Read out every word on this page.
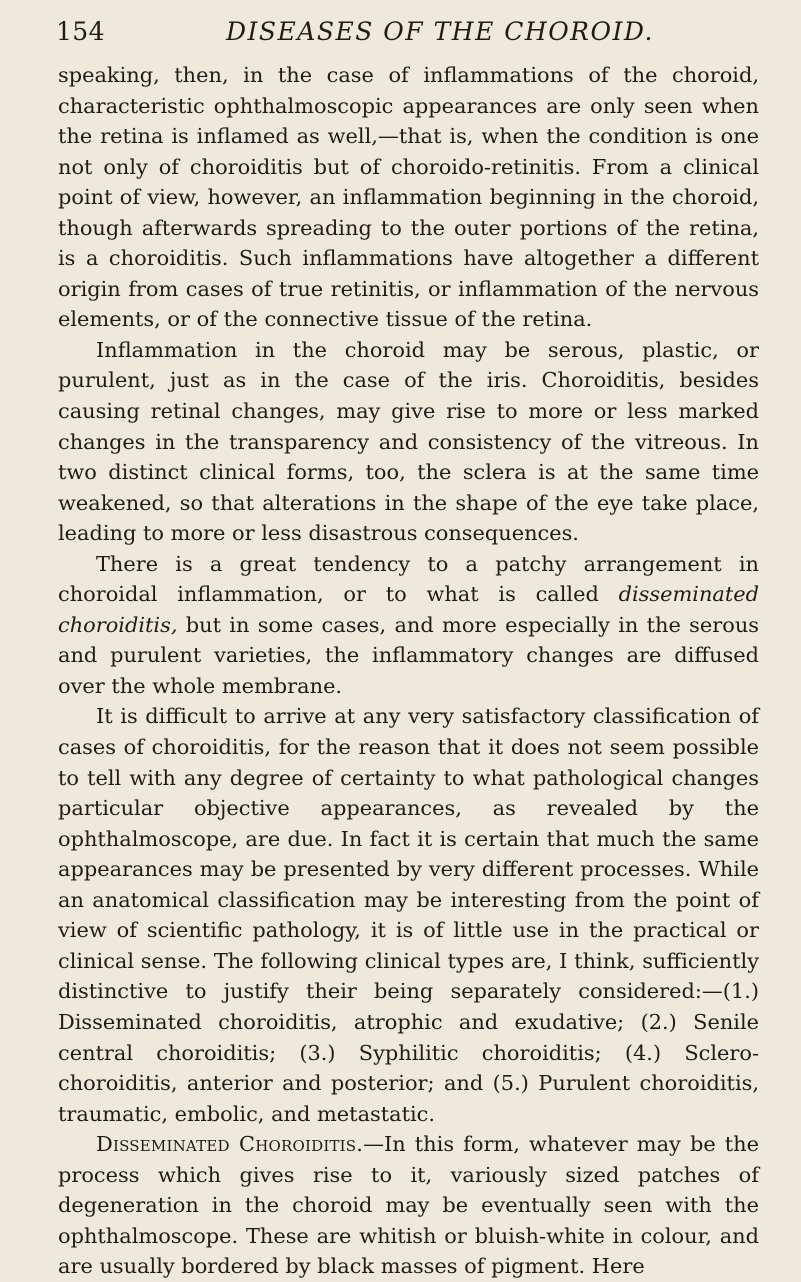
154	DISEASES OF THE CHOROID.

speaking, then, in the case of inflammations of the choroid, characteristic ophthalmoscopic appearances are only seen when the retina is inflamed as well,—that is, when the condition is one not only of choroiditis but of choroido-retinitis. From a clinical point of view, however, an inflammation beginning in the choroid, though afterwards spreading to the outer portions of the retina, is a choroiditis. Such inflammations have altogether a different origin from cases of true retinitis, or inflammation of the nervous elements, or of the connective tissue of the retina.

Inflammation in the choroid may be serous, plastic, or purulent, just as in the case of the iris. Choroiditis, besides causing retinal changes, may give rise to more or less marked changes in the transparency and consistency of the vitreous. In two distinct clinical forms, too, the sclera is at the same time weakened, so that alterations in the shape of the eye take place, leading to more or less disastrous consequences.

There is a great tendency to a patchy arrangement in choroidal inflammation, or to what is called disseminated choroiditis, but in some cases, and more especially in the serous and purulent varieties, the inflammatory changes are diffused over the whole membrane.

It is difficult to arrive at any very satisfactory classification of cases of choroiditis, for the reason that it does not seem possible to tell with any degree of certainty to what pathological changes particular objective appearances, as revealed by the ophthalmoscope, are due. In fact it is certain that much the same appearances may be presented by very different processes. While an anatomical classification may be interesting from the point of view of scientific pathology, it is of little use in the practical or clinical sense. The following clinical types are, I think, sufficiently distinctive to justify their being separately considered:—(1.) Disseminated choroiditis, atrophic and exudative; (2.) Senile central choroiditis; (3.) Syphilitic choroiditis; (4.) Sclero-choroiditis, anterior and posterior; and (5.) Purulent choroiditis, traumatic, embolic, and metastatic.

Disseminated Choroiditis.—In this form, whatever may be the process which gives rise to it, variously sized patches of degeneration in the choroid may be eventually seen with the ophthalmoscope. These are whitish or bluish-white in colour, and are usually bordered by black masses of pigment. Here
